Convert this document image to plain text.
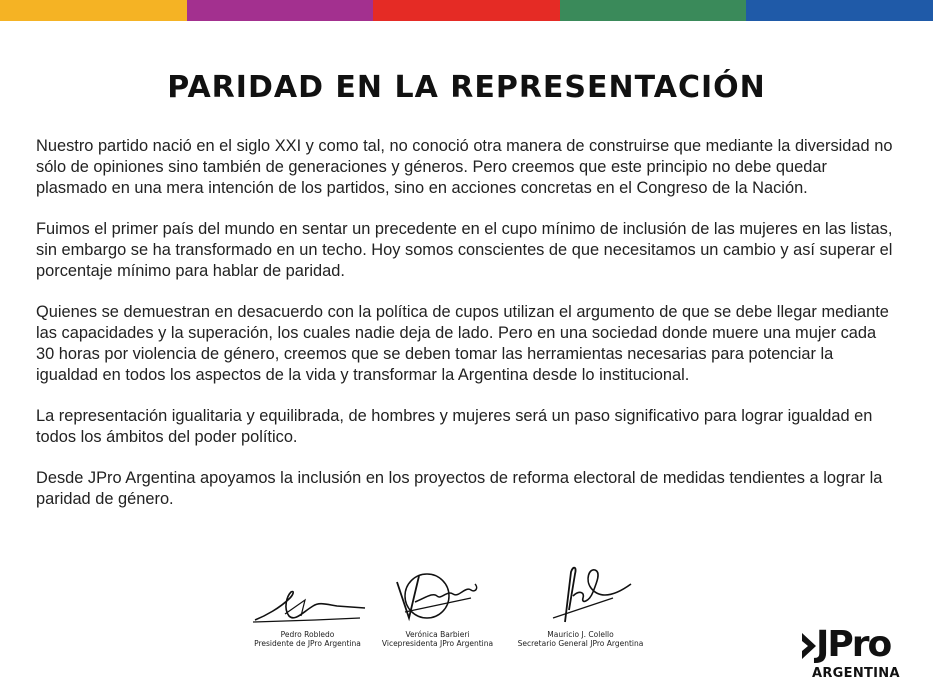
PARIDAD EN LA REPRESENTACIÓN

Nuestro partido nació en el siglo XXI y como tal, no conoció otra manera de construirse que mediante la diversidad no sólo de opiniones sino también de generaciones y géneros. Pero creemos que este principio no debe quedar plasmado en una mera intención de los partidos, sino en acciones concretas en el Congreso de la Nación.

Fuimos el primer país del mundo en sentar un precedente en el cupo mínimo de inclusión de las mujeres en las listas, sin embargo se ha transformado en un techo. Hoy somos conscientes de que necesitamos un cambio y así superar el porcentaje mínimo para hablar de paridad.

Quienes se demuestran en desacuerdo con la política de cupos utilizan el argumento de que se debe llegar mediante las capacidades y la superación, los cuales nadie deja de lado. Pero en una sociedad donde muere una mujer cada 30 horas por violencia de género, creemos que se deben tomar las herramientas necesarias para potenciar la igualdad en todos los aspectos de la vida y transformar la Argentina desde lo institucional.

La representación igualitaria y equilibrada, de hombres y mujeres será un paso significativo para lograr igualdad en todos los ámbitos del poder político.

Desde JPro Argentina apoyamos la inclusión en los proyectos de reforma electoral de medidas tendientes a lograr la paridad de género.

Pedro Robledo
Presidente de JPro Argentina
Verónica Barbieri
Vicepresidenta JPro Argentina
Mauricio J. Colello
Secretario General JPro Argentina	JPro
ARGENTINA
